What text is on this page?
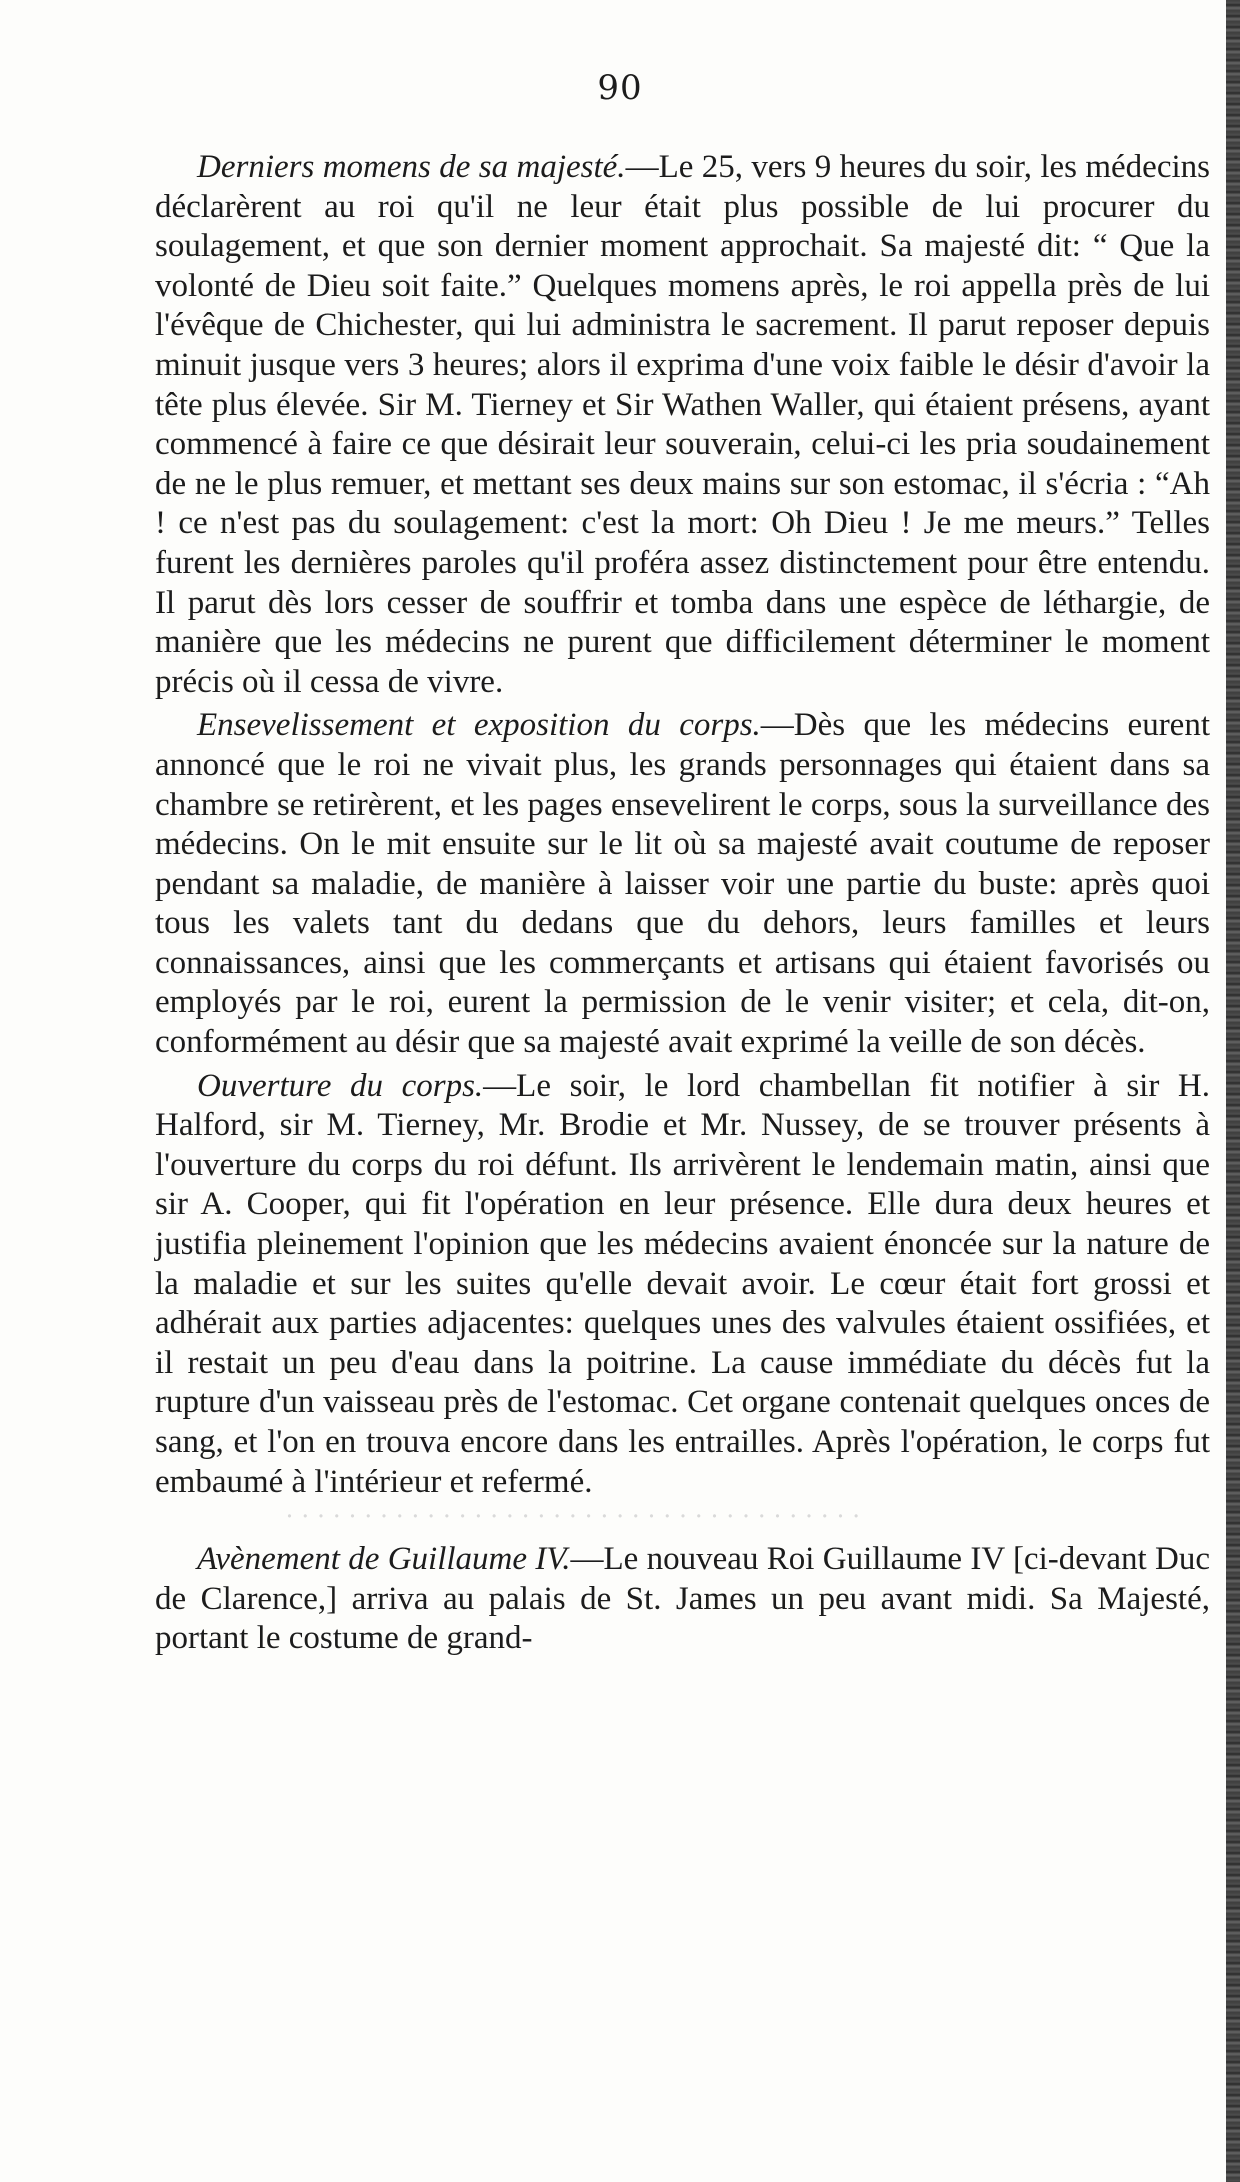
90

Derniers momens de sa majesté.—Le 25, vers 9 heures du soir, les médecins déclarèrent au roi qu'il ne leur était plus possible de lui procurer du soulagement, et que son dernier moment approchait. Sa majesté dit: “ Que la volonté de Dieu soit faite.” Quelques momens après, le roi appella près de lui l'évêque de Chichester, qui lui administra le sacrement. Il parut reposer depuis minuit jusque vers 3 heures; alors il exprima d'une voix faible le désir d'avoir la tête plus élevée. Sir M. Tierney et Sir Wathen Waller, qui étaient présens, ayant commencé à faire ce que désirait leur souverain, celui-ci les pria soudainement de ne le plus remuer, et mettant ses deux mains sur son estomac, il s'écria : “Ah ! ce n'est pas du soulagement: c'est la mort: Oh Dieu ! Je me meurs.” Telles furent les dernières paroles qu'il proféra assez distinctement pour être entendu. Il parut dès lors cesser de souffrir et tomba dans une espèce de léthargie, de manière que les médecins ne purent que difficilement déterminer le moment précis où il cessa de vivre.

Ensevelissement et exposition du corps.—Dès que les médecins eurent annoncé que le roi ne vivait plus, les grands personnages qui étaient dans sa chambre se retirèrent, et les pages ensevelirent le corps, sous la surveillance des médecins. On le mit ensuite sur le lit où sa majesté avait coutume de reposer pendant sa maladie, de manière à laisser voir une partie du buste: après quoi tous les valets tant du dedans que du dehors, leurs familles et leurs connaissances, ainsi que les commerçants et artisans qui étaient favorisés ou employés par le roi, eurent la permission de le venir visiter; et cela, dit-on, conformément au désir que sa majesté avait exprimé la veille de son décès.

Ouverture du corps.—Le soir, le lord chambellan fit notifier à sir H. Halford, sir M. Tierney, Mr. Brodie et Mr. Nussey, de se trouver présents à l'ouverture du corps du roi défunt. Ils arrivèrent le lendemain matin, ainsi que sir A. Cooper, qui fit l'opération en leur présence. Elle dura deux heures et justifia pleinement l'opinion que les médecins avaient énoncée sur la nature de la maladie et sur les suites qu'elle devait avoir. Le cœur était fort grossi et adhérait aux parties adjacentes: quelques unes des valvules étaient ossifiées, et il restait un peu d'eau dans la poitrine. La cause immédiate du décès fut la rupture d'un vaisseau près de l'estomac. Cet organe contenait quelques onces de sang, et l'on en trouva encore dans les entrailles. Après l'opération, le corps fut embaumé à l'intérieur et refermé.

· · · · · · · · · · · · · · · · · · · · · · · · · · · · · · · · · · · · ·

Avènement de Guillaume IV.—Le nouveau Roi Guillaume IV [ci-devant Duc de Clarence,] arriva au palais de St. James un peu avant midi. Sa Majesté, portant le costume de grand-
